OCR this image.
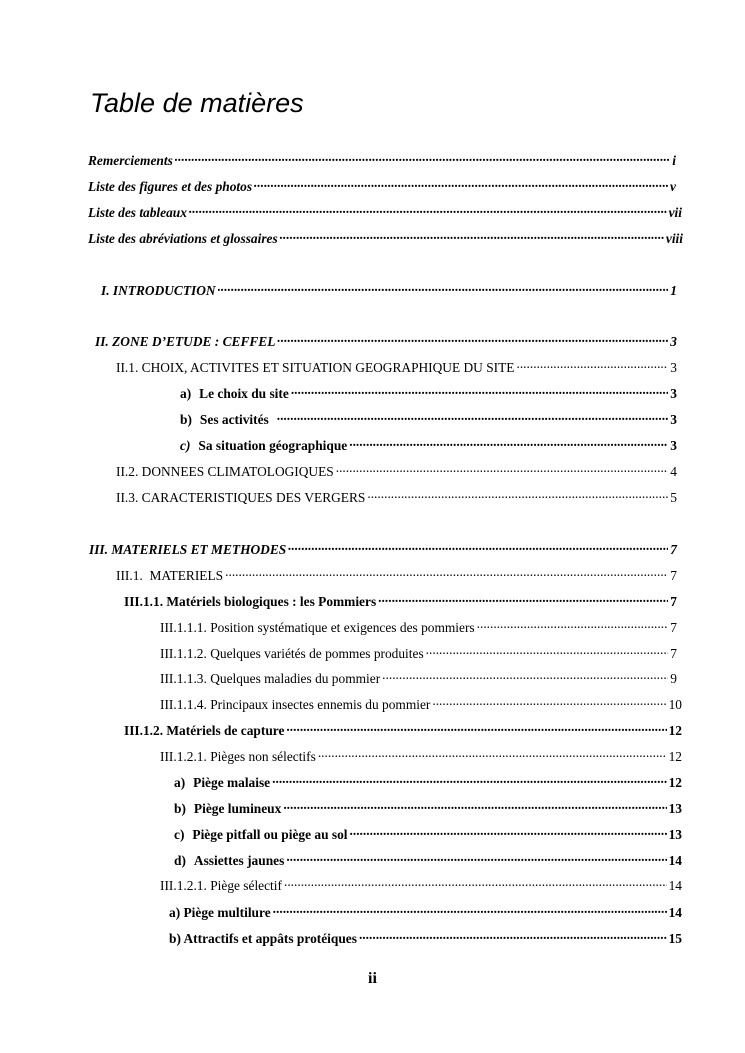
Table de matières
Remerciements .....	i
Liste des figures et des photos .....	v
Liste des tableaux .....	vii
Liste des abréviations et glossaires .....	viii
I. INTRODUCTION .....	1
II. ZONE D’ETUDE : CEFFEL .....	3
II.1. CHOIX, ACTIVITES ET SITUATION GEOGRAPHIQUE DU SITE .....	3
a) Le choix du site .....	3
b) Ses activités .....	3
c) Sa situation géographique .....	3
II.2. DONNEES CLIMATOLOGIQUES .....	4
II.3. CARACTERISTIQUES DES VERGERS .....	5
III. MATERIELS ET METHODES .....	7
III.1.  MATERIELS .....	7
III.1.1. Matériels biologiques : les Pommiers .....	7
III.1.1.1. Position systématique et exigences des pommiers .....	7
III.1.1.2. Quelques variétés de pommes produites .....	7
III.1.1.3. Quelques maladies du pommier .....	9
III.1.1.4. Principaux insectes ennemis du pommier .....	10
III.1.2. Matériels de capture .....	12
III.1.2.1. Pièges non sélectifs .....	12
a) Piège malaise .....	12
b) Piège lumineux .....	13
c) Piège pitfall ou piège au sol .....	13
d) Assiettes jaunes .....	14
III.1.2.1. Piège sélectif .....	14
a) Piège multilure .....	14
b) Attractifs et appâts protéiques .....	15
ii
